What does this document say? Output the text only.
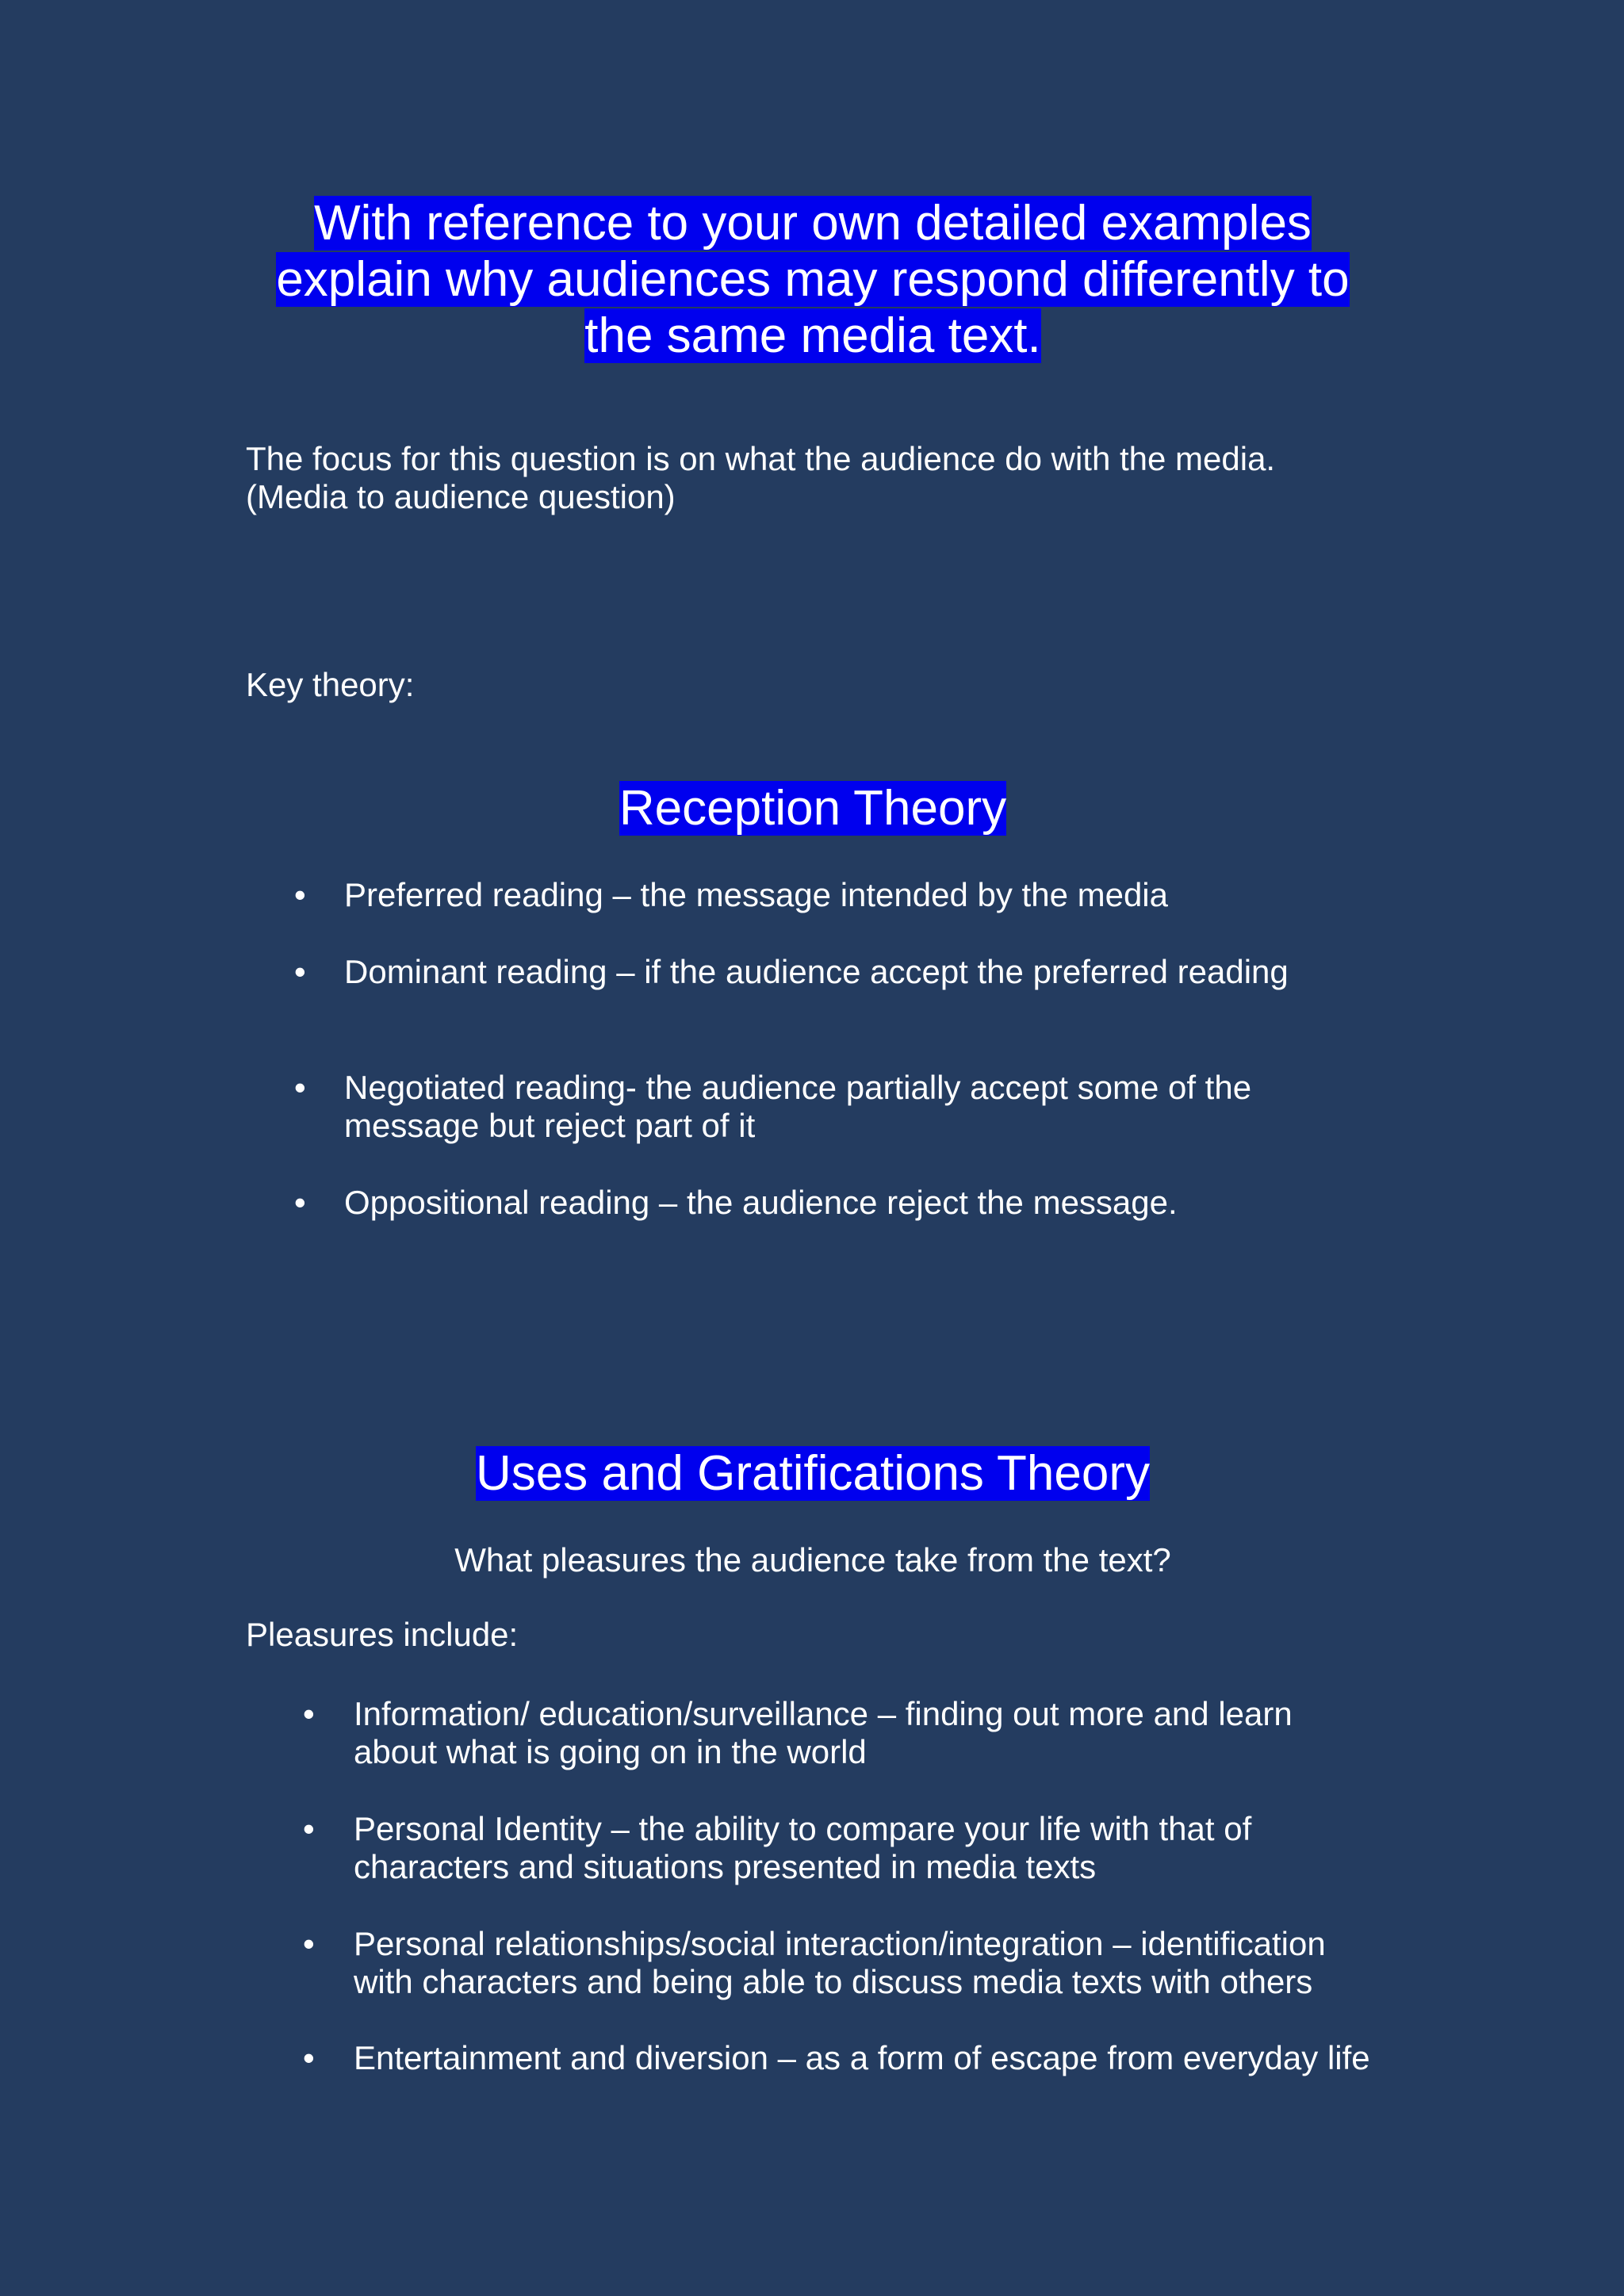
With reference to your own detailed examples explain why audiences may respond differently to the same media text.

The focus for this question is on what the audience do with the media. (Media to audience question)

Key theory:

Reception Theory
• Preferred reading – the message intended by the media
• Dominant reading – if the audience accept the preferred reading
• Negotiated reading- the audience partially accept some of the message but reject part of it
• Oppositional reading – the audience reject the message.
Uses and Gratifications Theory

What pleasures the audience take from the text?

Pleasures include:

• Information/ education/surveillance – finding out more and learn about what is going on in the world
• Personal Identity – the ability to compare your life with that of characters and situations presented in media texts
• Personal relationships/social interaction/integration – identification with characters and being able to discuss media texts with others
• Entertainment and diversion – as a form of escape from everyday life
